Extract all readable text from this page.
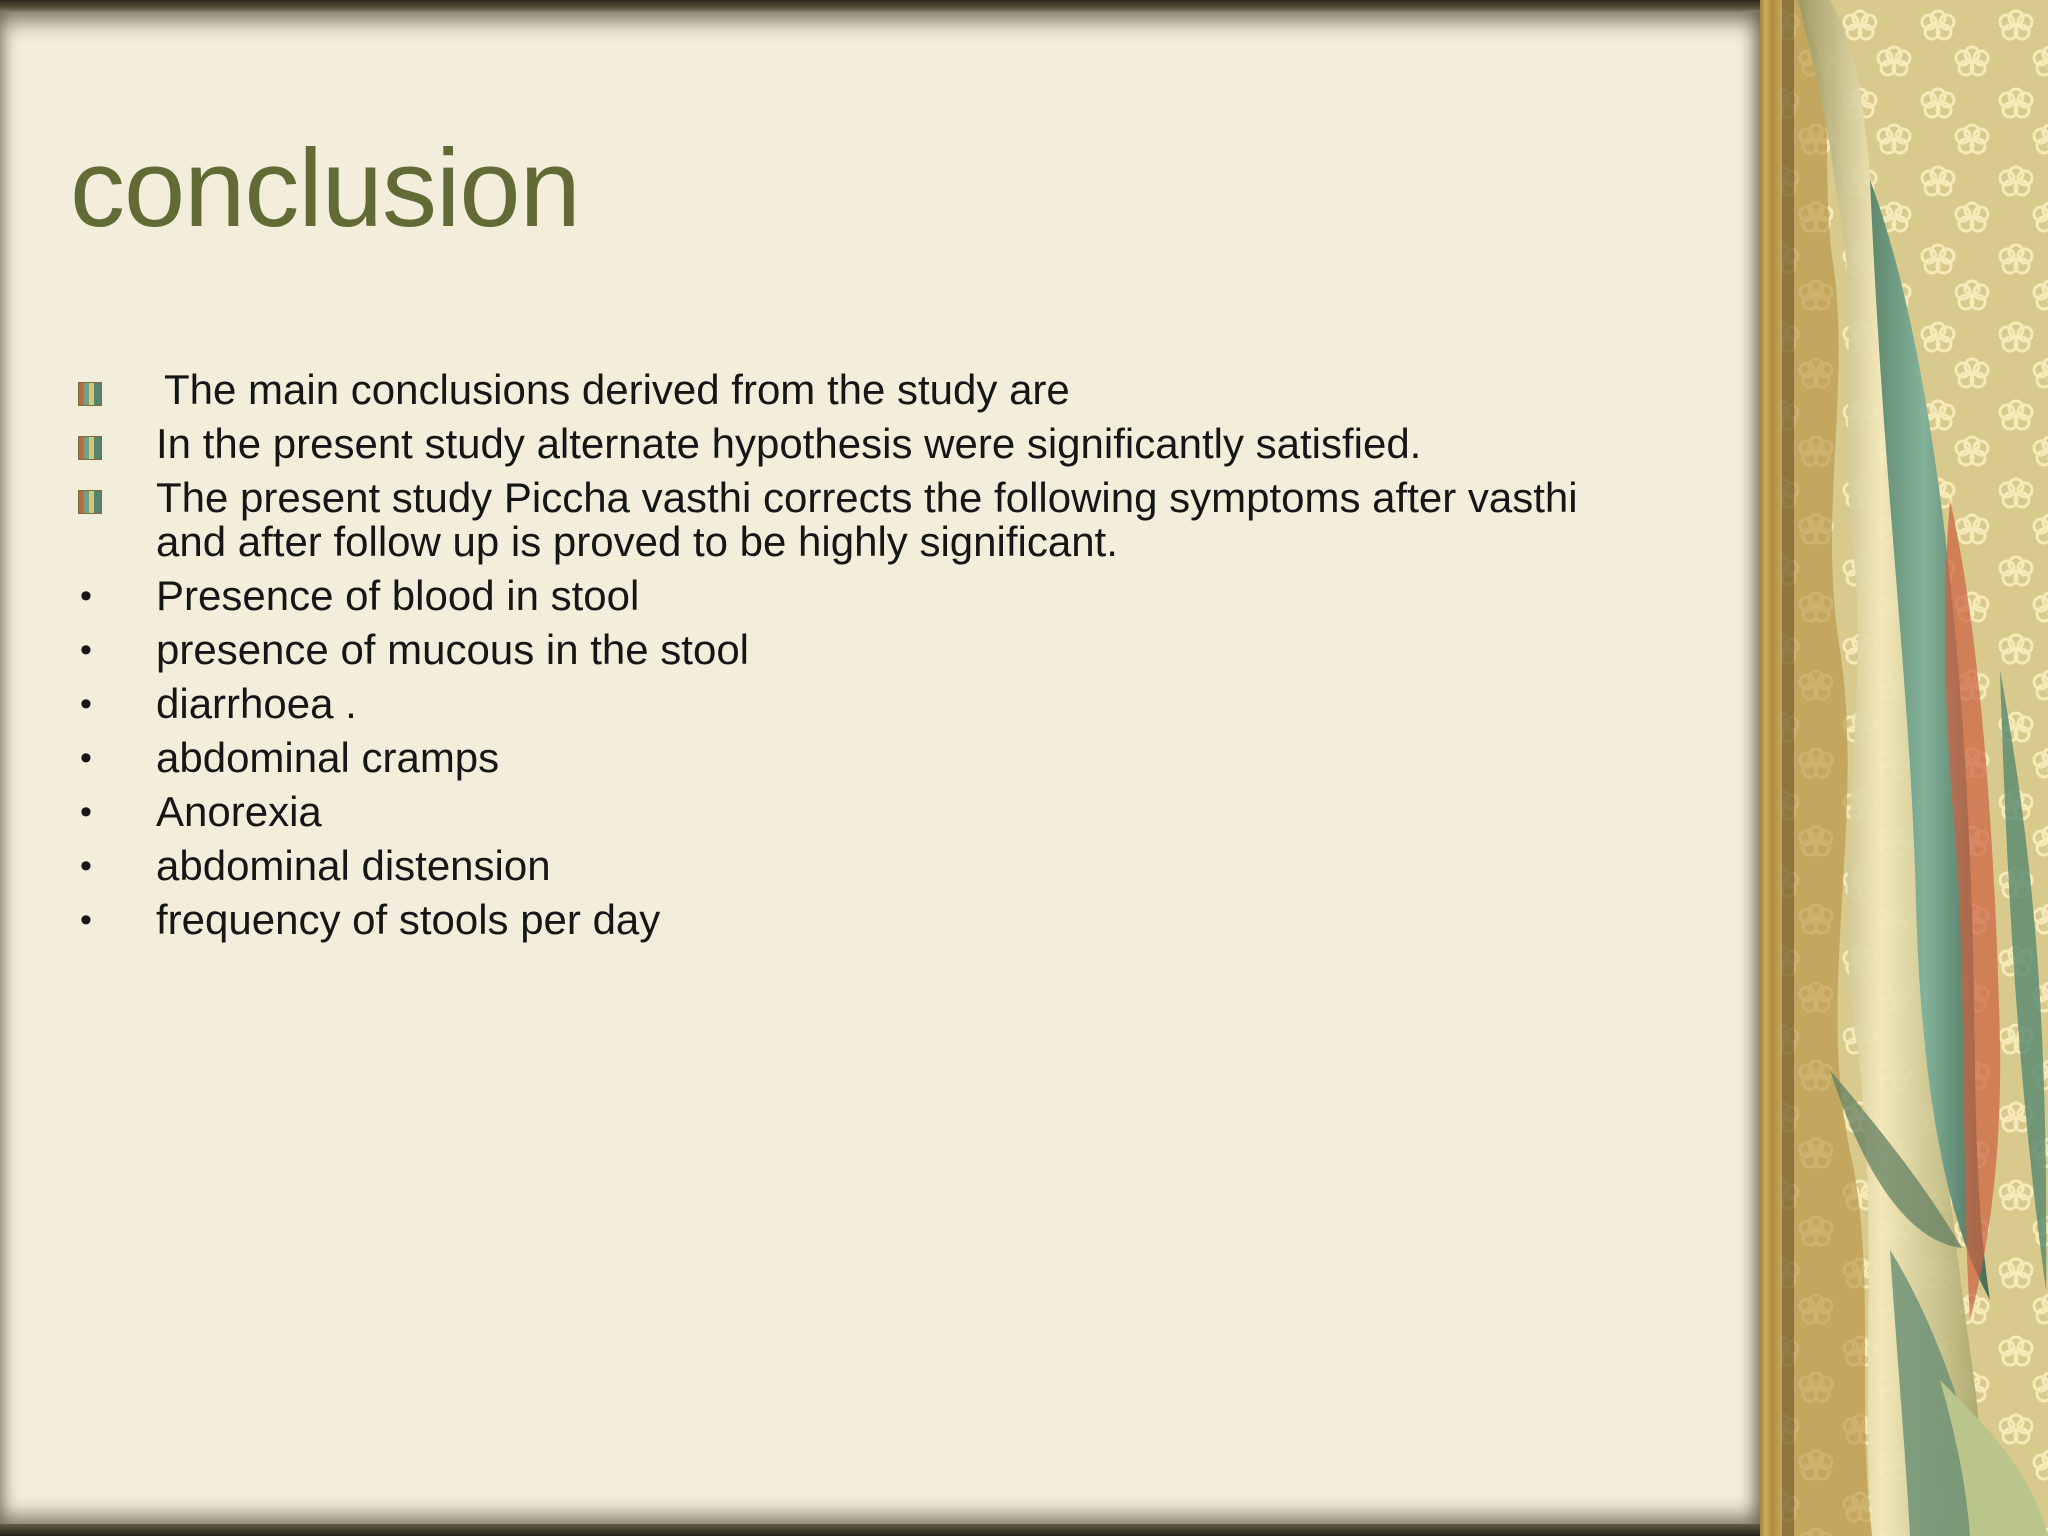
conclusion
The main conclusions derived from the study are
In the present study alternate hypothesis were significantly satisfied.
The present study Piccha vasthi corrects the following symptoms after vasthi and after follow up is proved to be highly significant.
• Presence of blood in stool
• presence of mucous in the stool
• diarrhoea .
• abdominal cramps
• Anorexia
• abdominal distension
• frequency of stools per day
